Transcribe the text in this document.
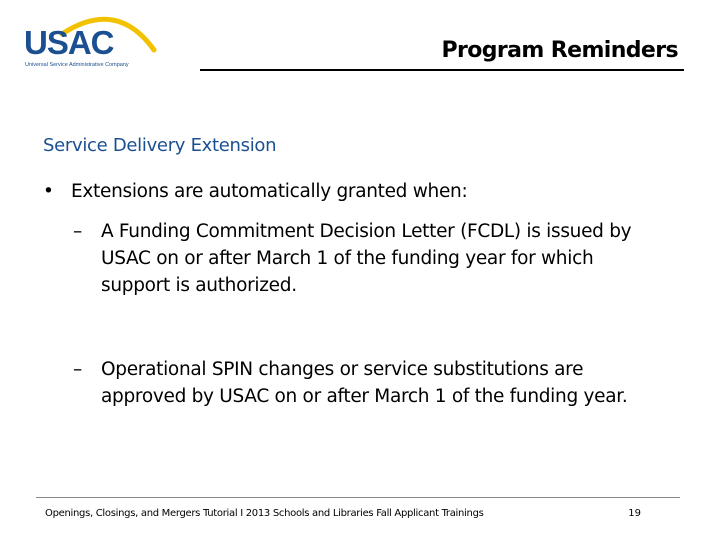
USAC
Universal Service Administrative Company
Program Reminders
Service Delivery Extension
• Extensions are automatically granted when:
– A Funding Commitment Decision Letter (FCDL) is issued by USAC on or after March 1 of the funding year for which support is authorized.
– Operational SPIN changes or service substitutions are approved by USAC on or after March 1 of the funding year.
Openings, Closings, and Mergers Tutorial I 2013 Schools and Libraries Fall Applicant Trainings	19
